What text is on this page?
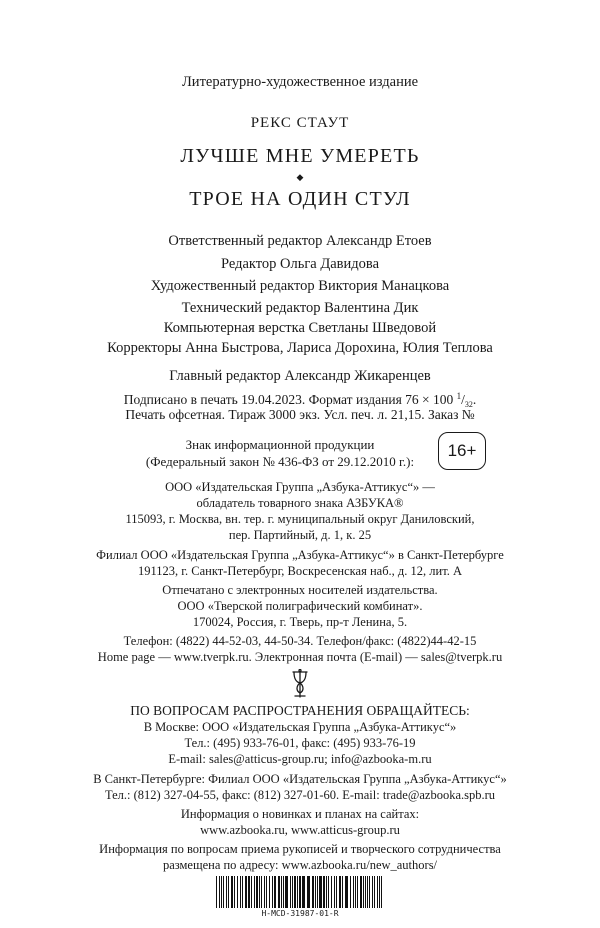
Литературно-художественное издание
РЕКС СТАУТ
ЛУЧШЕ МНЕ УМЕРЕТЬ
◆
ТРОЕ НА ОДИН СТУЛ
Ответственный редактор Александр Етоев
Редактор Ольга Давидова
Художественный редактор Виктория Манацкова
Технический редактор Валентина Дик
Компьютерная верстка Светланы Шведовой
Корректоры Анна Быстрова, Лариса Дорохина, Юлия Теплова
Главный редактор Александр Жикаренцев
Подписано в печать 19.04.2023. Формат издания 76 × 100 $^1/_{32}$.
Печать офсетная. Тираж 3000 экз. Усл. печ. л. 21,15. Заказ №
Знак информационной продукции
(Федеральный закон № 436-ФЗ от 29.12.2010 г.):
16+
ООО «Издательская Группа „Азбука-Аттикус“» —
обладатель товарного знака АЗБУКА®
115093, г. Москва, вн. тер. г. муниципальный округ Даниловский,
пер. Партийный, д. 1, к. 25
Филиал ООО «Издательская Группа „Азбука-Аттикус“» в Санкт-Петербурге
191123, г. Санкт-Петербург, Воскресенская наб., д. 12, лит. А
Отпечатано с электронных носителей издательства.
ООО «Тверской полиграфический комбинат».
170024, Россия, г. Тверь, пр-т Ленина, 5.
Телефон: (4822) 44-52-03, 44-50-34. Телефон/факс: (4822)44-42-15
Home page — www.tverpk.ru. Электронная почта (E-mail) — sales@tverpk.ru
ПО ВОПРОСАМ РАСПРОСТРАНЕНИЯ ОБРАЩАЙТЕСЬ:
В Москве: ООО «Издательская Группа „Азбука-Аттикус“»
Тел.: (495) 933-76-01, факс: (495) 933-76-19
E-mail: sales@atticus-group.ru; info@azbooka-m.ru
В Санкт-Петербурге: Филиал ООО «Издательская Группа „Азбука-Аттикус“»
Тел.: (812) 327-04-55, факс: (812) 327-01-60. E-mail: trade@azbooka.spb.ru
Информация о новинках и планах на сайтах:
www.azbooka.ru, www.atticus-group.ru
Информация по вопросам приема рукописей и творческого сотрудничества
размещена по адресу: www.azbooka.ru/new_authors/
H-MCD-31987-01-R
